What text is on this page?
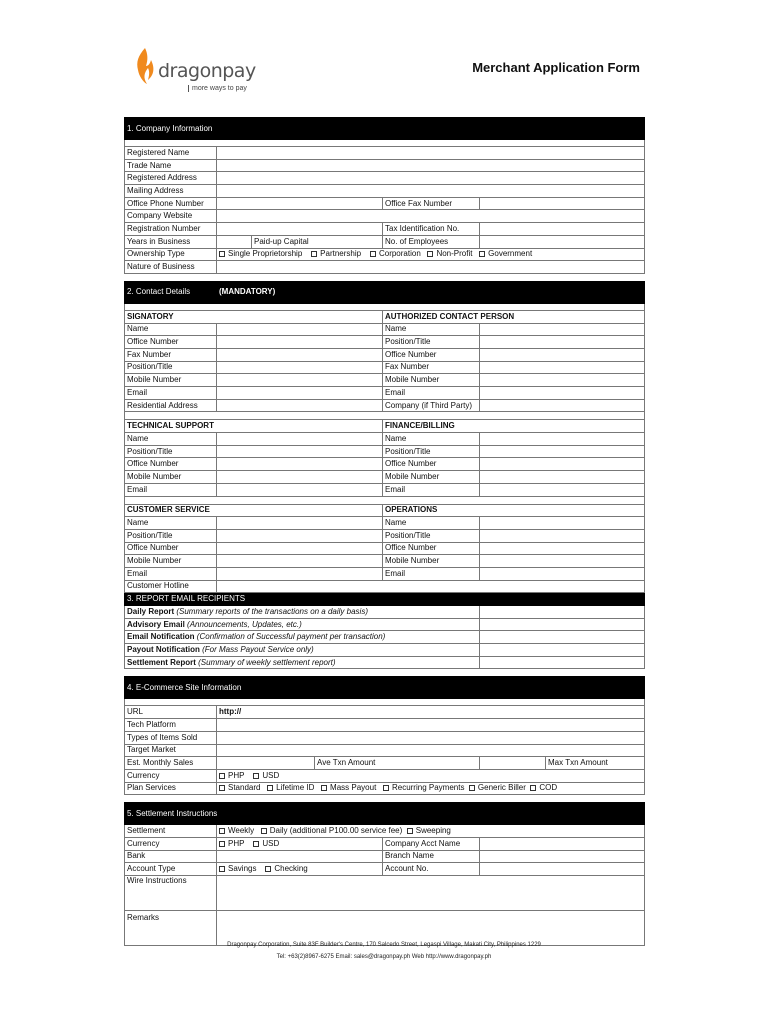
dragonpay
more ways to pay
Merchant Application Form
1. Company Information						

Registered Name						
Trade Name						
Registered Address						
Mailing Address						
Office Phone Number				Office Fax Number		
Company Website						
Registration Number				Tax Identification No.		
Years in Business		Paid-up Capital		No. of Employees		
Ownership Type	Single Proprietorship Partnership Corporation Non-Profit Government					
Nature of Business						

2. Contact Details	(MANDATORY)					

SIGNATORY				AUTHORIZED CONTACT PERSON		
Name				Name		
Office Number				Position/Title		
Fax Number				Office Number		
Position/Title				Fax Number		
Mobile Number				Mobile Number		
Email				Email		
Residential Address				Company (if Third Party)		

TECHNICAL SUPPORT				FINANCE/BILLING		
Name				Name		
Position/Title				Position/Title		
Office Number				Office Number		
Mobile Number				Mobile Number		
Email				Email		

CUSTOMER SERVICE				OPERATIONS		
Name				Name		
Position/Title				Position/Title		
Office Number				Office Number		
Mobile Number				Mobile Number		
Email				Email		
Customer Hotline						
3. REPORT EMAIL RECIPIENTS						
Daily Report (Summary reports of the transactions on a daily basis)						
Advisory Email (Announcements, Updates, etc.)						
Email Notification (Confirmation of Successful payment per transaction)						
Payout Notification (For Mass Payout Service only)						
Settlement Report (Summary of weekly settlement report)						

4. E-Commerce Site Information						

URL	http://					
Tech Platform						
Types of Items Sold						
Target Market						
Est. Monthly Sales			Ave Txn Amount			Max Txn Amount
Currency	PHP USD					
Plan Services	Standard Lifetime ID Mass Payout Recurring Payments Generic Biller COD					

5. Settlement Instructions						
Settlement	Weekly Daily (additional P100.00 service fee) Sweeping					
Currency	PHP USD			Company Acct Name		
Bank				Branch Name		
Account Type	Savings Checking			Account No.		
Wire Instructions						
Remarks						
Dragonpay Corporation, Suite 83F Builder's Centre, 170 Salcedo Street, Legaspi Village, Makati City, Philippines 1229
Tel: +63(2)8967-6275 Email: sales@dragonpay.ph Web http://www.dragonpay.ph
